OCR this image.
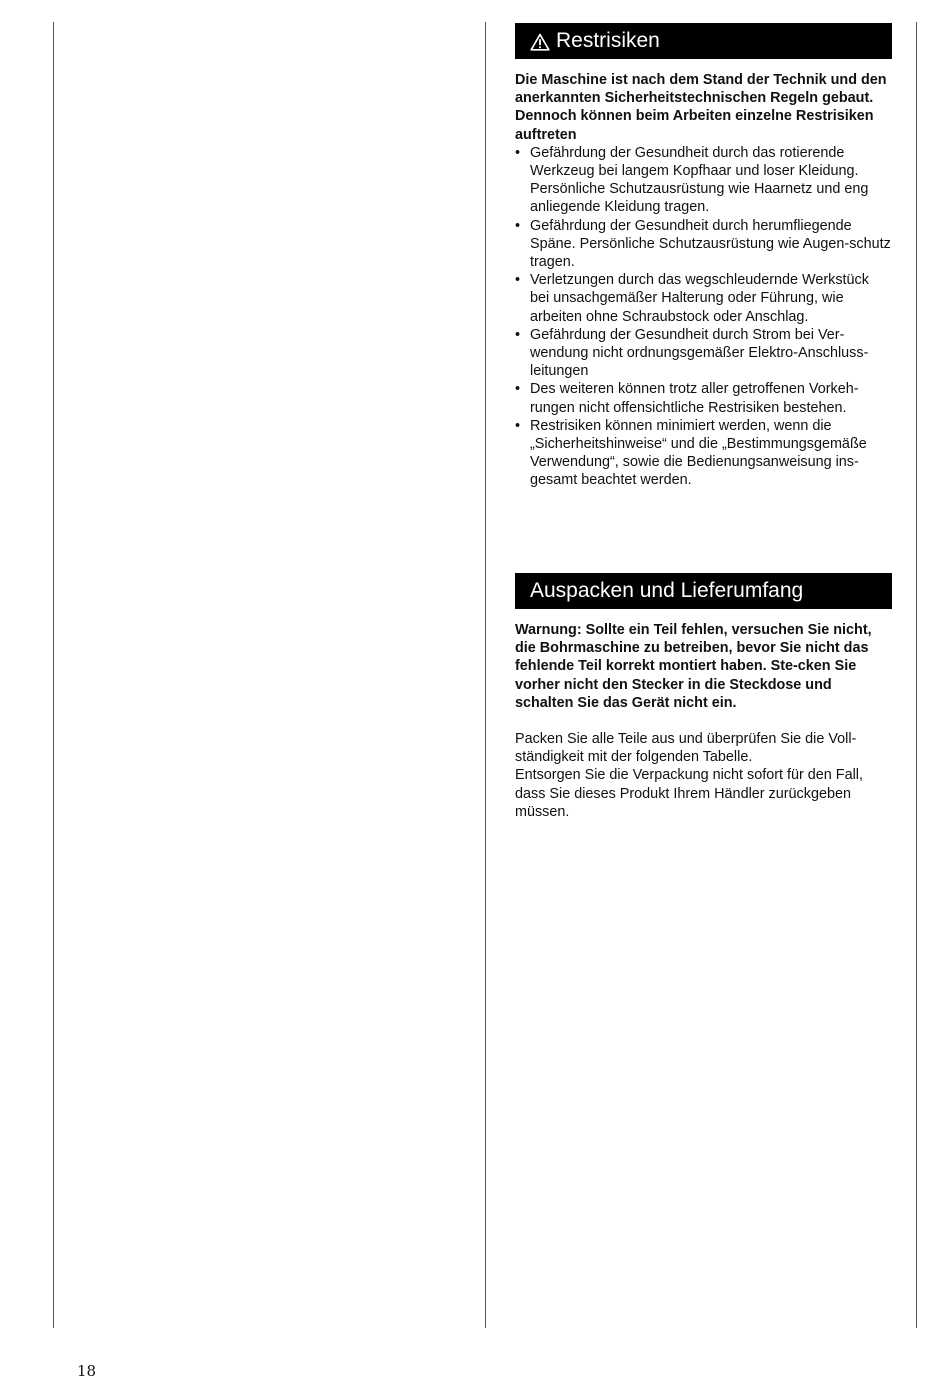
Restrisiken

Die Maschine ist nach dem Stand der Technik und den anerkannten Sicherheitstechnischen Regeln gebaut. Dennoch können beim Arbeiten einzelne Restrisiken auftreten

• Gefährdung der Gesundheit durch das rotierende Werkzeug bei langem Kopfhaar und loser Kleidung. Persönliche Schutzausrüstung wie Haarnetz und eng anliegende Kleidung tragen.
• Gefährdung der Gesundheit durch herumfliegende Späne. Persönliche Schutzausrüstung wie Augen-schutz tragen.
• Verletzungen durch das wegschleudernde Werkstück bei unsachgemäßer Halterung oder Führung, wie arbeiten ohne Schraubstock oder Anschlag.
• Gefährdung der Gesundheit durch Strom bei Ver-wendung nicht ordnungsgemäßer Elektro-Anschluss-leitungen
• Des weiteren können trotz aller getroffenen Vorkeh-rungen nicht offensichtliche Restrisiken bestehen.
• Restrisiken können minimiert werden, wenn die „Sicherheitshinweise“ und die „Bestimmungsgemäße Verwendung“, sowie die Bedienungsanweisung ins-gesamt beachtet werden.
Auspacken und Lieferumfang

Warnung: Sollte ein Teil fehlen, versuchen Sie nicht, die Bohrmaschine zu betreiben, bevor Sie nicht das fehlende Teil korrekt montiert haben. Ste-cken Sie vorher nicht den Stecker in die Steckdose und schalten Sie das Gerät nicht ein.

Packen Sie alle Teile aus und überprüfen Sie die Voll-ständigkeit mit der folgenden Tabelle.

Entsorgen Sie die Verpackung nicht sofort für den Fall, dass Sie dieses Produkt Ihrem Händler zurückgeben müssen.

18
